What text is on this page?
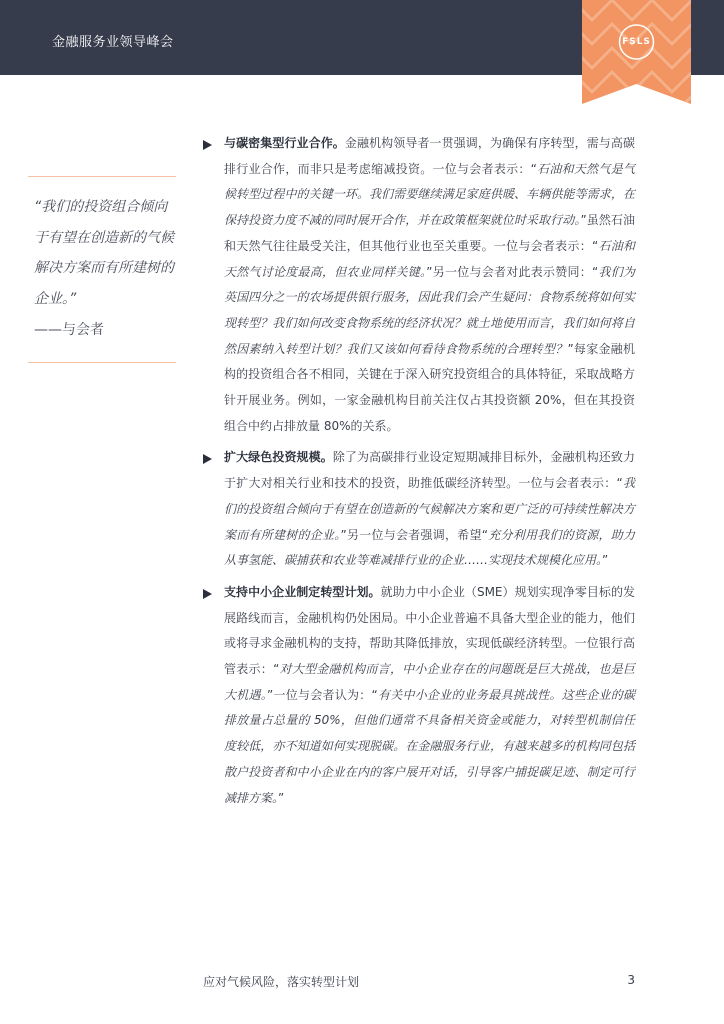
金融服务业领导峰会	FSLS
“我们的投资组合倾向于有望在创造新的气候解决方案而有所建树的企业。”
——与会者
与碳密集型行业合作。金融机构领导者一贯强调，为确保有序转型，需与高碳排行业合作，而非只是考虑缩减投资。一位与会者表示：“石油和天然气是气候转型过程中的关键一环。我们需要继续满足家庭供暖、车辆供能等需求，在保持投资力度不减的同时展开合作，并在政策框架就位时采取行动。”虽然石油和天然气往往最受关注，但其他行业也至关重要。一位与会者表示：“石油和天然气讨论度最高，但农业同样关键。”另一位与会者对此表示赞同：“我们为英国四分之一的农场提供银行服务，因此我们会产生疑问：食物系统将如何实现转型？我们如何改变食物系统的经济状况？就土地使用而言，我们如何将自然因素纳入转型计划？我们又该如何看待食物系统的合理转型？”每家金融机构的投资组合各不相同，关键在于深入研究投资组合的具体特征，采取战略方针开展业务。例如，一家金融机构目前关注仅占其投资额 20%，但在其投资组合中约占排放量 80%的关系。
扩大绿色投资规模。除了为高碳排行业设定短期减排目标外，金融机构还致力于扩大对相关行业和技术的投资，助推低碳经济转型。一位与会者表示：“我们的投资组合倾向于有望在创造新的气候解决方案和更广泛的可持续性解决方案而有所建树的企业。”另一位与会者强调，希望“充分利用我们的资源，助力从事氢能、碳捕获和农业等难减排行业的企业……实现技术规模化应用。”
支持中小企业制定转型计划。就助力中小企业（SME）规划实现净零目标的发展路线而言，金融机构仍处困局。中小企业普遍不具备大型企业的能力，他们或将寻求金融机构的支持，帮助其降低排放，实现低碳经济转型。一位银行高管表示：“对大型金融机构而言，中小企业存在的问题既是巨大挑战，也是巨大机遇。”一位与会者认为：“有关中小企业的业务最具挑战性。这些企业的碳排放量占总量的 50%，但他们通常不具备相关资金或能力，对转型机制信任度较低，亦不知道如何实现脱碳。在金融服务行业，有越来越多的机构同包括散户投资者和中小企业在内的客户展开对话，引导客户捕捉碳足迹、制定可行减排方案。”
应对气候风险，落实转型计划	3
